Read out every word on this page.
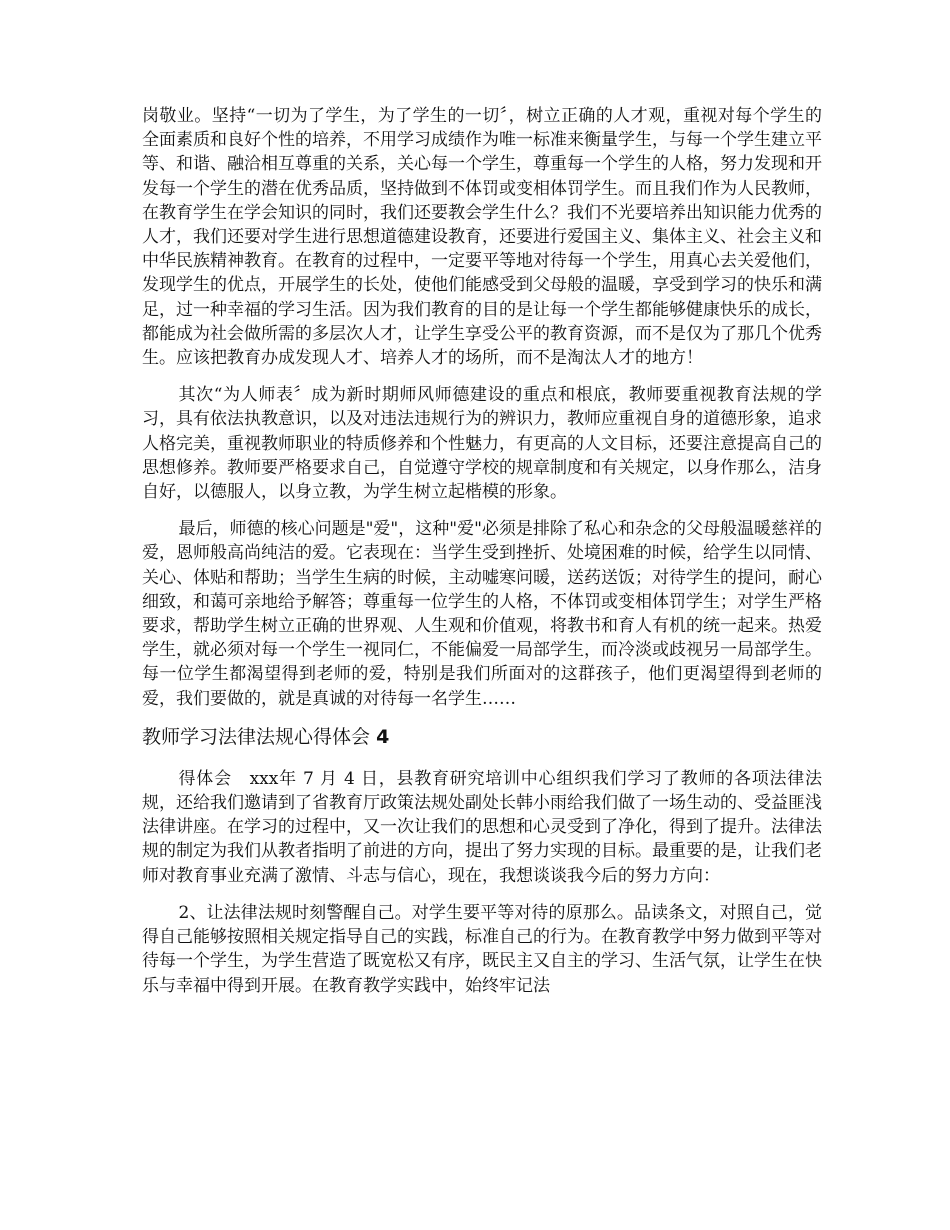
岗敬业。坚持“一切为了学生，为了学生的一切〞，树立正确的人才观，重视对每个学生的全面素质和良好个性的培养，不用学习成绩作为唯一标准来衡量学生，与每一个学生建立平等、和谐、融洽相互尊重的关系，关心每一个学生，尊重每一个学生的人格，努力发现和开发每一个学生的潜在优秀品质，坚持做到不体罚或变相体罚学生。而且我们作为人民教师，在教育学生在学会知识的同时，我们还要教会学生什么？我们不光要培养出知识能力优秀的人才，我们还要对学生进行思想道德建设教育，还要进行爱国主义、集体主义、社会主义和中华民族精神教育。在教育的过程中，一定要平等地对待每一个学生，用真心去关爱他们，发现学生的优点，开展学生的长处，使他们能感受到父母般的温暖，享受到学习的快乐和满足，过一种幸福的学习生活。因为我们教育的目的是让每一个学生都能够健康快乐的成长，都能成为社会做所需的多层次人才，让学生享受公平的教育资源，而不是仅为了那几个优秀生。应该把教育办成发现人才、培养人才的场所，而不是淘汰人才的地方！

其次“为人师表〞成为新时期师风师德建设的重点和根底，教师要重视教育法规的学习，具有依法执教意识，以及对违法违规行为的辨识力，教师应重视自身的道德形象，追求人格完美，重视教师职业的特质修养和个性魅力，有更高的人文目标，还要注意提高自己的思想修养。教师要严格要求自己，自觉遵守学校的规章制度和有关规定，以身作那么，洁身自好，以德服人，以身立教，为学生树立起楷模的形象。

最后，师德的核心问题是"爱"，这种"爱"必须是排除了私心和杂念的父母般温暖慈祥的爱，恩师般高尚纯洁的爱。它表现在：当学生受到挫折、处境困难的时候，给学生以同情、关心、体贴和帮助；当学生生病的时候，主动嘘寒问暖，送药送饭；对待学生的提问，耐心细致，和蔼可亲地给予解答；尊重每一位学生的人格，不体罚或变相体罚学生；对学生严格要求，帮助学生树立正确的世界观、人生观和价值观，将教书和育人有机的统一起来。热爱学生，就必须对每一个学生一视同仁，不能偏爱一局部学生，而冷淡或歧视另一局部学生。每一位学生都渴望得到老师的爱，特别是我们所面对的这群孩子，他们更渴望得到老师的爱，我们要做的，就是真诚的对待每一名学生……

教师学习法律法规心得体会 4

得体会　xxx年 7 月 4 日，县教育研究培训中心组织我们学习了教师的各项法律法规，还给我们邀请到了省教育厅政策法规处副处长韩小雨给我们做了一场生动的、受益匪浅法律讲座。在学习的过程中，又一次让我们的思想和心灵受到了净化，得到了提升。法律法规的制定为我们从教者指明了前进的方向，提出了努力实现的目标。最重要的是，让我们老师对教育事业充满了激情、斗志与信心，现在，我想谈谈我今后的努力方向：

2、让法律法规时刻警醒自己。对学生要平等对待的原那么。品读条文，对照自己，觉得自己能够按照相关规定指导自己的实践，标准自己的行为。在教育教学中努力做到平等对待每一个学生，为学生营造了既宽松又有序，既民主又自主的学习、生活气氛，让学生在快乐与幸福中得到开展。在教育教学实践中，始终牢记法
